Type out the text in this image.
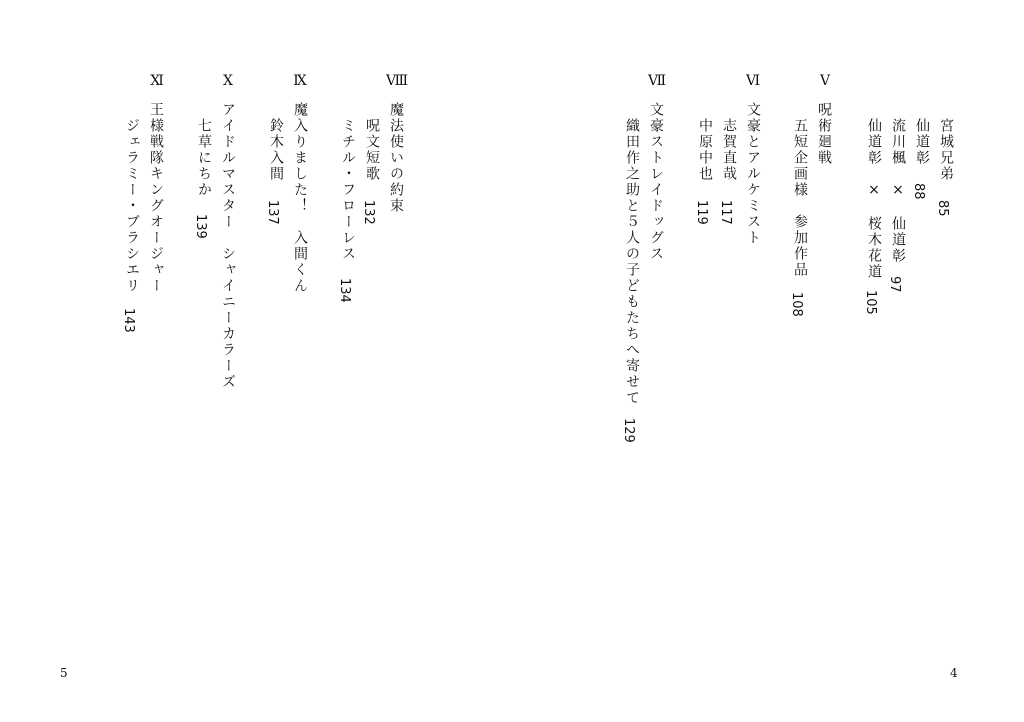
Ⅷ
魔法使いの約束
呪文短歌
132
ミチル・フローレス
134
Ⅸ
魔入りました！　入間くん
鈴木入間
137
Ⅹ
アイドルマスター　シャイニーカラーズ
七草にちか
139
Ⅺ
王様戦隊キングオージャー
ジェラミー・ブラシエリ
143
5
宮城兄弟
85
仙道彰
88
流川楓　×　仙道彰
97
仙道彰　×　桜木花道
105
Ⅴ
呪術廻戦
五短企画様　参加作品
108
Ⅵ
文豪とアルケミスト
志賀直哉
117
中原中也
119
Ⅶ
文豪ストレイドッグス
織田作之助と５人の子どもたちへ寄せて
129
4
